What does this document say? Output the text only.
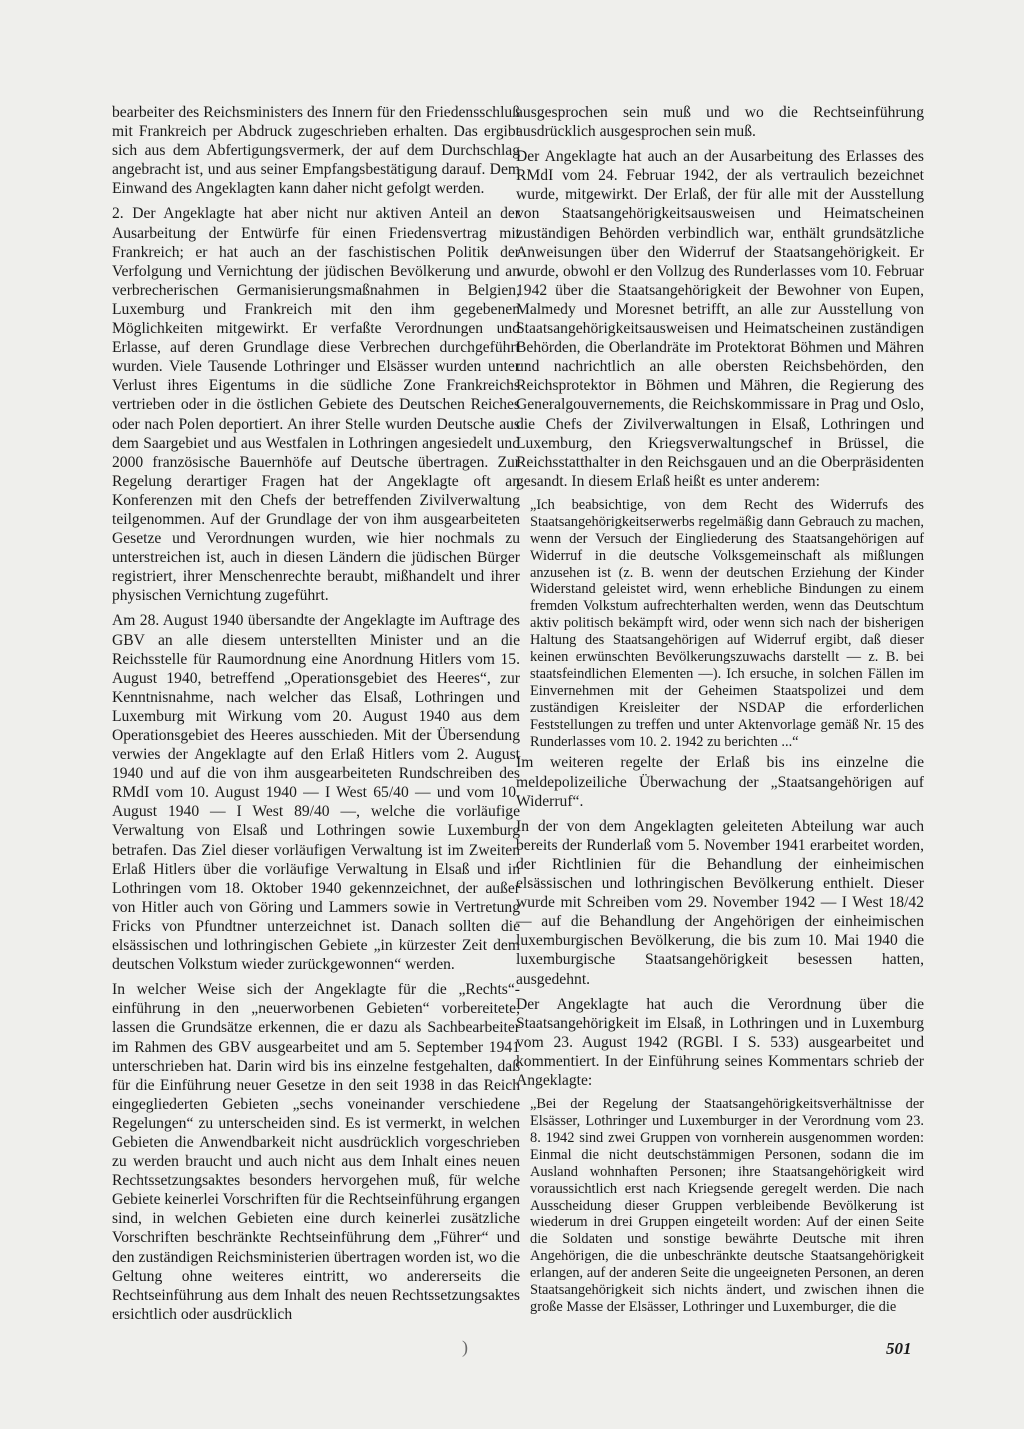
bearbeiter des Reichsministers des Innern für den Friedensschluß mit Frankreich per Abdruck zugeschrieben erhalten. Das ergibt sich aus dem Abfertigungsvermerk, der auf dem Durchschlag angebracht ist, und aus seiner Empfangsbestätigung darauf. Dem Einwand des Angeklagten kann daher nicht gefolgt werden.

2. Der Angeklagte hat aber nicht nur aktiven Anteil an der Ausarbeitung der Entwürfe für einen Friedensvertrag mit Frankreich; er hat auch an der faschistischen Politik der Verfolgung und Vernichtung der jüdischen Bevölkerung und an verbrecherischen Germanisierungsmaßnahmen in Belgien, Luxemburg und Frankreich mit den ihm gegebenen Möglichkeiten mitgewirkt. Er verfaßte Verordnungen und Erlasse, auf deren Grundlage diese Verbrechen durchgeführt wurden. Viele Tausende Lothringer und Elsässer wurden unter Verlust ihres Eigentums in die südliche Zone Frankreichs vertrieben oder in die östlichen Gebiete des Deutschen Reiches oder nach Polen deportiert. An ihrer Stelle wurden Deutsche aus dem Saargebiet und aus Westfalen in Lothringen angesiedelt und 2000 französische Bauernhöfe auf Deutsche übertragen. Zur Regelung derartiger Fragen hat der Angeklagte oft an Konferenzen mit den Chefs der betreffenden Zivilverwaltung teilgenommen. Auf der Grundlage der von ihm ausgearbeiteten Gesetze und Verordnungen wurden, wie hier nochmals zu unterstreichen ist, auch in diesen Ländern die jüdischen Bürger registriert, ihrer Menschenrechte beraubt, mißhandelt und ihrer physischen Vernichtung zugeführt.

Am 28. August 1940 übersandte der Angeklagte im Auftrage des GBV an alle diesem unterstellten Minister und an die Reichsstelle für Raumordnung eine Anordnung Hitlers vom 15. August 1940, betreffend „Operationsgebiet des Heeres“, zur Kenntnisnahme, nach welcher das Elsaß, Lothringen und Luxemburg mit Wirkung vom 20. August 1940 aus dem Operationsgebiet des Heeres ausschieden. Mit der Übersendung verwies der Angeklagte auf den Erlaß Hitlers vom 2. August 1940 und auf die von ihm ausgearbeiteten Rundschreiben des RMdI vom 10. August 1940 — I West 65/40 — und vom 10. August 1940 — I West 89/40 —, welche die vorläufige Verwaltung von Elsaß und Lothringen sowie Luxemburg betrafen. Das Ziel dieser vorläufigen Verwaltung ist im Zweiten Erlaß Hitlers über die vorläufige Verwaltung in Elsaß und in Lothringen vom 18. Oktober 1940 gekennzeichnet, der außer von Hitler auch von Göring und Lammers sowie in Vertretung Fricks von Pfundtner unterzeichnet ist. Danach sollten die elsässischen und lothringischen Gebiete „in kürzester Zeit dem deutschen Volkstum wieder zurückgewonnen“ werden.

In welcher Weise sich der Angeklagte für die „Rechts“-einführung in den „neuerworbenen Gebieten“ vorbereitete, lassen die Grundsätze erkennen, die er dazu als Sachbearbeiter im Rahmen des GBV ausgearbeitet und am 5. September 1941 unterschrieben hat. Darin wird bis ins einzelne festgehalten, daß für die Einführung neuer Gesetze in den seit 1938 in das Reich eingegliederten Gebieten „sechs voneinander verschiedene Regelungen“ zu unterscheiden sind. Es ist vermerkt, in welchen Gebieten die Anwendbarkeit nicht ausdrücklich vorgeschrieben zu werden braucht und auch nicht aus dem Inhalt eines neuen Rechtssetzungsaktes besonders hervorgehen muß, für welche Gebiete keinerlei Vorschriften für die Rechtseinführung ergangen sind, in welchen Gebieten eine durch keinerlei zusätzliche Vorschriften beschränkte Rechtseinführung dem „Führer“ und den zuständigen Reichsministerien übertragen worden ist, wo die Geltung ohne weiteres eintritt, wo andererseits die Rechtseinführung aus dem Inhalt des neuen Rechtssetzungsaktes ersichtlich oder ausdrücklich

ausgesprochen sein muß und wo die Rechtseinführung ausdrücklich ausgesprochen sein muß.

Der Angeklagte hat auch an der Ausarbeitung des Erlasses des RMdI vom 24. Februar 1942, der als vertraulich bezeichnet wurde, mitgewirkt. Der Erlaß, der für alle mit der Ausstellung von Staatsangehörigkeitsausweisen und Heimatscheinen zuständigen Behörden verbindlich war, enthält grundsätzliche Anweisungen über den Widerruf der Staatsangehörigkeit. Er wurde, obwohl er den Vollzug des Runderlasses vom 10. Februar 1942 über die Staatsangehörigkeit der Bewohner von Eupen, Malmedy und Moresnet betrifft, an alle zur Ausstellung von Staatsangehörigkeitsausweisen und Heimatscheinen zuständigen Behörden, die Oberlandräte im Protektorat Böhmen und Mähren und nachrichtlich an alle obersten Reichsbehörden, den Reichsprotektor in Böhmen und Mähren, die Regierung des Generalgouvernements, die Reichskommissare in Prag und Oslo, die Chefs der Zivilverwaltungen in Elsaß, Lothringen und Luxemburg, den Kriegsverwaltungschef in Brüssel, die Reichsstatthalter in den Reichsgauen und an die Oberpräsidenten gesandt. In diesem Erlaß heißt es unter anderem:

„Ich beabsichtige, von dem Recht des Widerrufs des Staatsangehörigkeitserwerbs regelmäßig dann Gebrauch zu machen, wenn der Versuch der Eingliederung des Staatsangehörigen auf Widerruf in die deutsche Volksgemeinschaft als mißlungen anzusehen ist (z. B. wenn der deutschen Erziehung der Kinder Widerstand geleistet wird, wenn erhebliche Bindungen zu einem fremden Volkstum aufrechterhalten werden, wenn das Deutschtum aktiv politisch bekämpft wird, oder wenn sich nach der bisherigen Haltung des Staatsangehörigen auf Widerruf ergibt, daß dieser keinen erwünschten Bevölkerungszuwachs darstellt — z. B. bei staatsfeindlichen Elementen —). Ich ersuche, in solchen Fällen im Einvernehmen mit der Geheimen Staatspolizei und dem zuständigen Kreisleiter der NSDAP die erforderlichen Feststellungen zu treffen und unter Aktenvorlage gemäß Nr. 15 des Runderlasses vom 10. 2. 1942 zu berichten ...“

Im weiteren regelte der Erlaß bis ins einzelne die meldepolizeiliche Überwachung der „Staatsangehörigen auf Widerruf“.

In der von dem Angeklagten geleiteten Abteilung war auch bereits der Runderlaß vom 5. November 1941 erarbeitet worden, der Richtlinien für die Behandlung der einheimischen elsässischen und lothringischen Bevölkerung enthielt. Dieser wurde mit Schreiben vom 29. November 1942 — I West 18/42 — auf die Behandlung der Angehörigen der einheimischen luxemburgischen Bevölkerung, die bis zum 10. Mai 1940 die luxemburgische Staatsangehörigkeit besessen hatten, ausgedehnt.

Der Angeklagte hat auch die Verordnung über die Staatsangehörigkeit im Elsaß, in Lothringen und in Luxemburg vom 23. August 1942 (RGBl. I S. 533) ausgearbeitet und kommentiert. In der Einführung seines Kommentars schrieb der Angeklagte:

„Bei der Regelung der Staatsangehörigkeitsverhältnisse der Elsässer, Lothringer und Luxemburger in der Verordnung vom 23. 8. 1942 sind zwei Gruppen von vornherein ausgenommen worden: Einmal die nicht deutschstämmigen Personen, sodann die im Ausland wohnhaften Personen; ihre Staatsangehörigkeit wird voraussichtlich erst nach Kriegsende geregelt werden. Die nach Ausscheidung dieser Gruppen verbleibende Bevölkerung ist wiederum in drei Gruppen eingeteilt worden: Auf der einen Seite die Soldaten und sonstige bewährte Deutsche mit ihren Angehörigen, die die unbeschränkte deutsche Staatsangehörigkeit erlangen, auf der anderen Seite die ungeeigneten Personen, an deren Staatsangehörigkeit sich nichts ändert, und zwischen ihnen die große Masse der Elsässer, Lothringer und Luxemburger, die die

)	501
